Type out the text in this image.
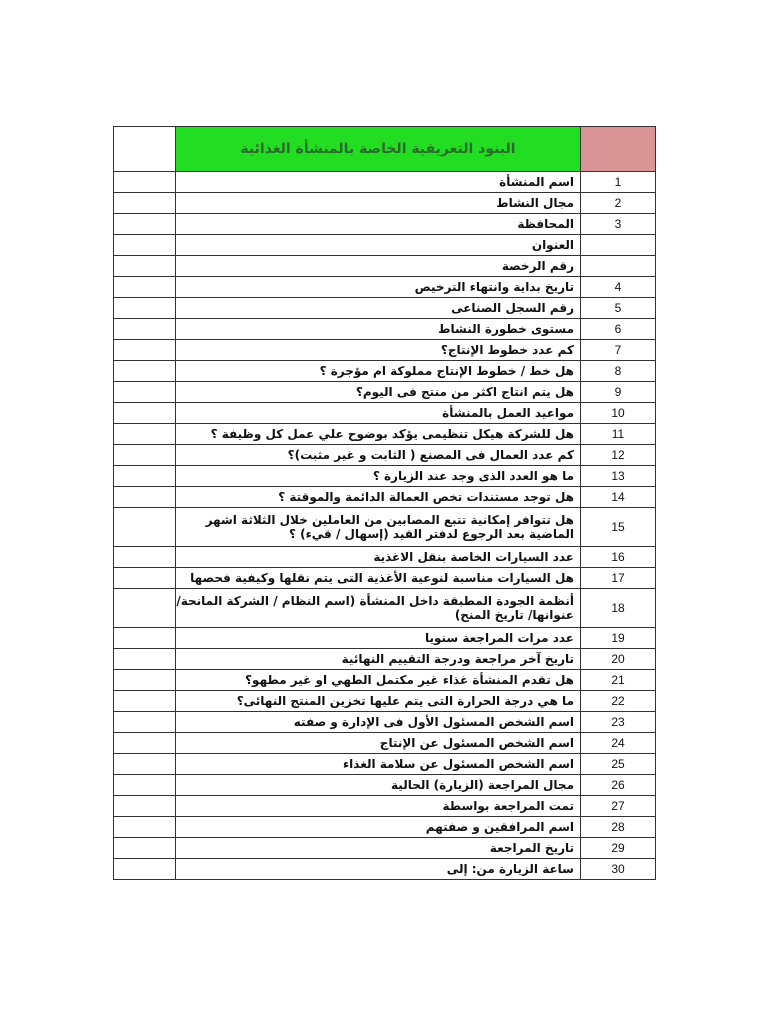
	البنود التعريفية الخاصة بالمنشأة الغذائية	
	اسم المنشأة	1
	مجال النشاط	2
	المحافظة	3
	العنوان	
	رقم الرخصة	
	تاريخ بداية وانتهاء الترخيص	4
	رقم السجل الصناعى	5
	مستوى خطورة النشاط	6
	كم عدد خطوط الإنتاج؟	7
	هل خط / خطوط الإنتاج مملوكة ام مؤجرة ؟	8
	هل يتم انتاج اكثر من منتج فى اليوم؟	9
	مواعيد العمل بالمنشأة	10
	هل للشركة هيكل تنظيمى يؤكد بوضوح علي عمل كل وظيفة ؟	11
	كم عدد العمال فى المصنع ( الثابت و غير مثبت)؟	12
	ما هو العدد الذى وجد عند الزيارة ؟	13
	هل توجد مستندات تخص العمالة الدائمة والموقتة ؟	14
	هل تتوافر إمكانية تتبع المصابين من العاملين خلال الثلاثة اشهر الماضية بعد الرجوع لدفتر القيد (إسهال / قيء) ؟	15
	عدد السيارات الخاصة بنقل الاغذية	16
	هل السيارات مناسبة لنوعية الأغذية التى يتم نقلها وكيفية فحصها	17
	أنظمة الجودة المطبقة داخل المنشأة (اسم النظام / الشركة المانحة/ عنوانها/ تاريخ المنح)	18
	عدد مرات المراجعة سنويا	19
	تاريخ آخر مراجعة ودرجة التقييم النهائية	20
	هل تقدم المنشأة غذاء غير مكتمل الطهي او غير مطهو؟	21
	ما هي درجة الحرارة التى يتم عليها تخزين المنتج النهائى؟	22
	اسم الشخص المسئول الأول فى الإدارة و صفته	23
	اسم الشخص المسئول عن الإنتاج	24
	اسم الشخص المسئول عن سلامة الغذاء	25
	مجال المراجعة (الزيارة) الحالية	26
	تمت المراجعة بواسطة	27
	اسم المرافقين و صفتهم	28
	تاريخ المراجعة	29
	ساعة الزيارة من: إلى	30
